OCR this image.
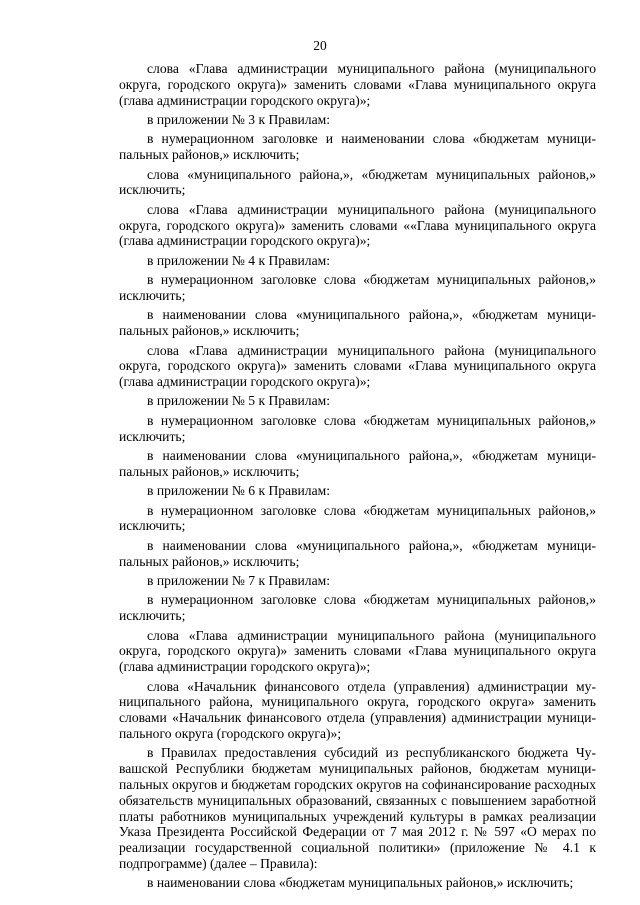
20

слова «Глава администрации муниципального района (муниципального округа, городского округа)» заменить словами «Глава муниципального округа (глава администрации городского округа)»;

в приложении № 3 к Правилам:

в нумерационном заголовке и наименовании слова «бюджетам муниципальных районов,» исключить;

слова «муниципального района,», «бюджетам муниципальных районов,» исключить;

слова «Глава администрации муниципального района (муниципального округа, городского округа)» заменить словами ««Глава муниципального округа (глава администрации городского округа)»;

в приложении № 4 к Правилам:

в нумерационном заголовке слова «бюджетам муниципальных районов,» исключить;

в наименовании слова «муниципального района,», «бюджетам муниципальных районов,» исключить;

слова «Глава администрации муниципального района (муниципального округа, городского округа)» заменить словами «Глава муниципального округа (глава администрации городского округа)»;

в приложении № 5 к Правилам:

в нумерационном заголовке слова «бюджетам муниципальных районов,» исключить;

в наименовании слова «муниципального района,», «бюджетам муниципальных районов,» исключить;

в приложении № 6 к Правилам:

в нумерационном заголовке слова «бюджетам муниципальных районов,» исключить;

в наименовании слова «муниципального района,», «бюджетам муниципальных районов,» исключить;

в приложении № 7 к Правилам:

в нумерационном заголовке слова «бюджетам муниципальных районов,» исключить;

слова «Глава администрации муниципального района (муниципального округа, городского округа)» заменить словами «Глава муниципального округа (глава администрации городского округа)»;

слова «Начальник финансового отдела (управления) администрации муниципального района, муниципального округа, городского округа» заменить словами «Начальник финансового отдела (управления) администрации муниципального округа (городского округа)»;

в Правилах предоставления субсидий из республиканского бюджета Чувашской Республики бюджетам муниципальных районов, бюджетам муниципальных округов и бюджетам городских округов на софинансирование расходных обязательств муниципальных образований, связанных с повышением заработной платы работников муниципальных учреждений культуры в рамках реализации Указа Президента Российской Федерации от 7 мая 2012 г. № 597 «О мерах по реализации государственной социальной политики» (приложение № 4.1 к подпрограмме) (далее – Правила):

в наименовании слова «бюджетам муниципальных районов,» исключить;
